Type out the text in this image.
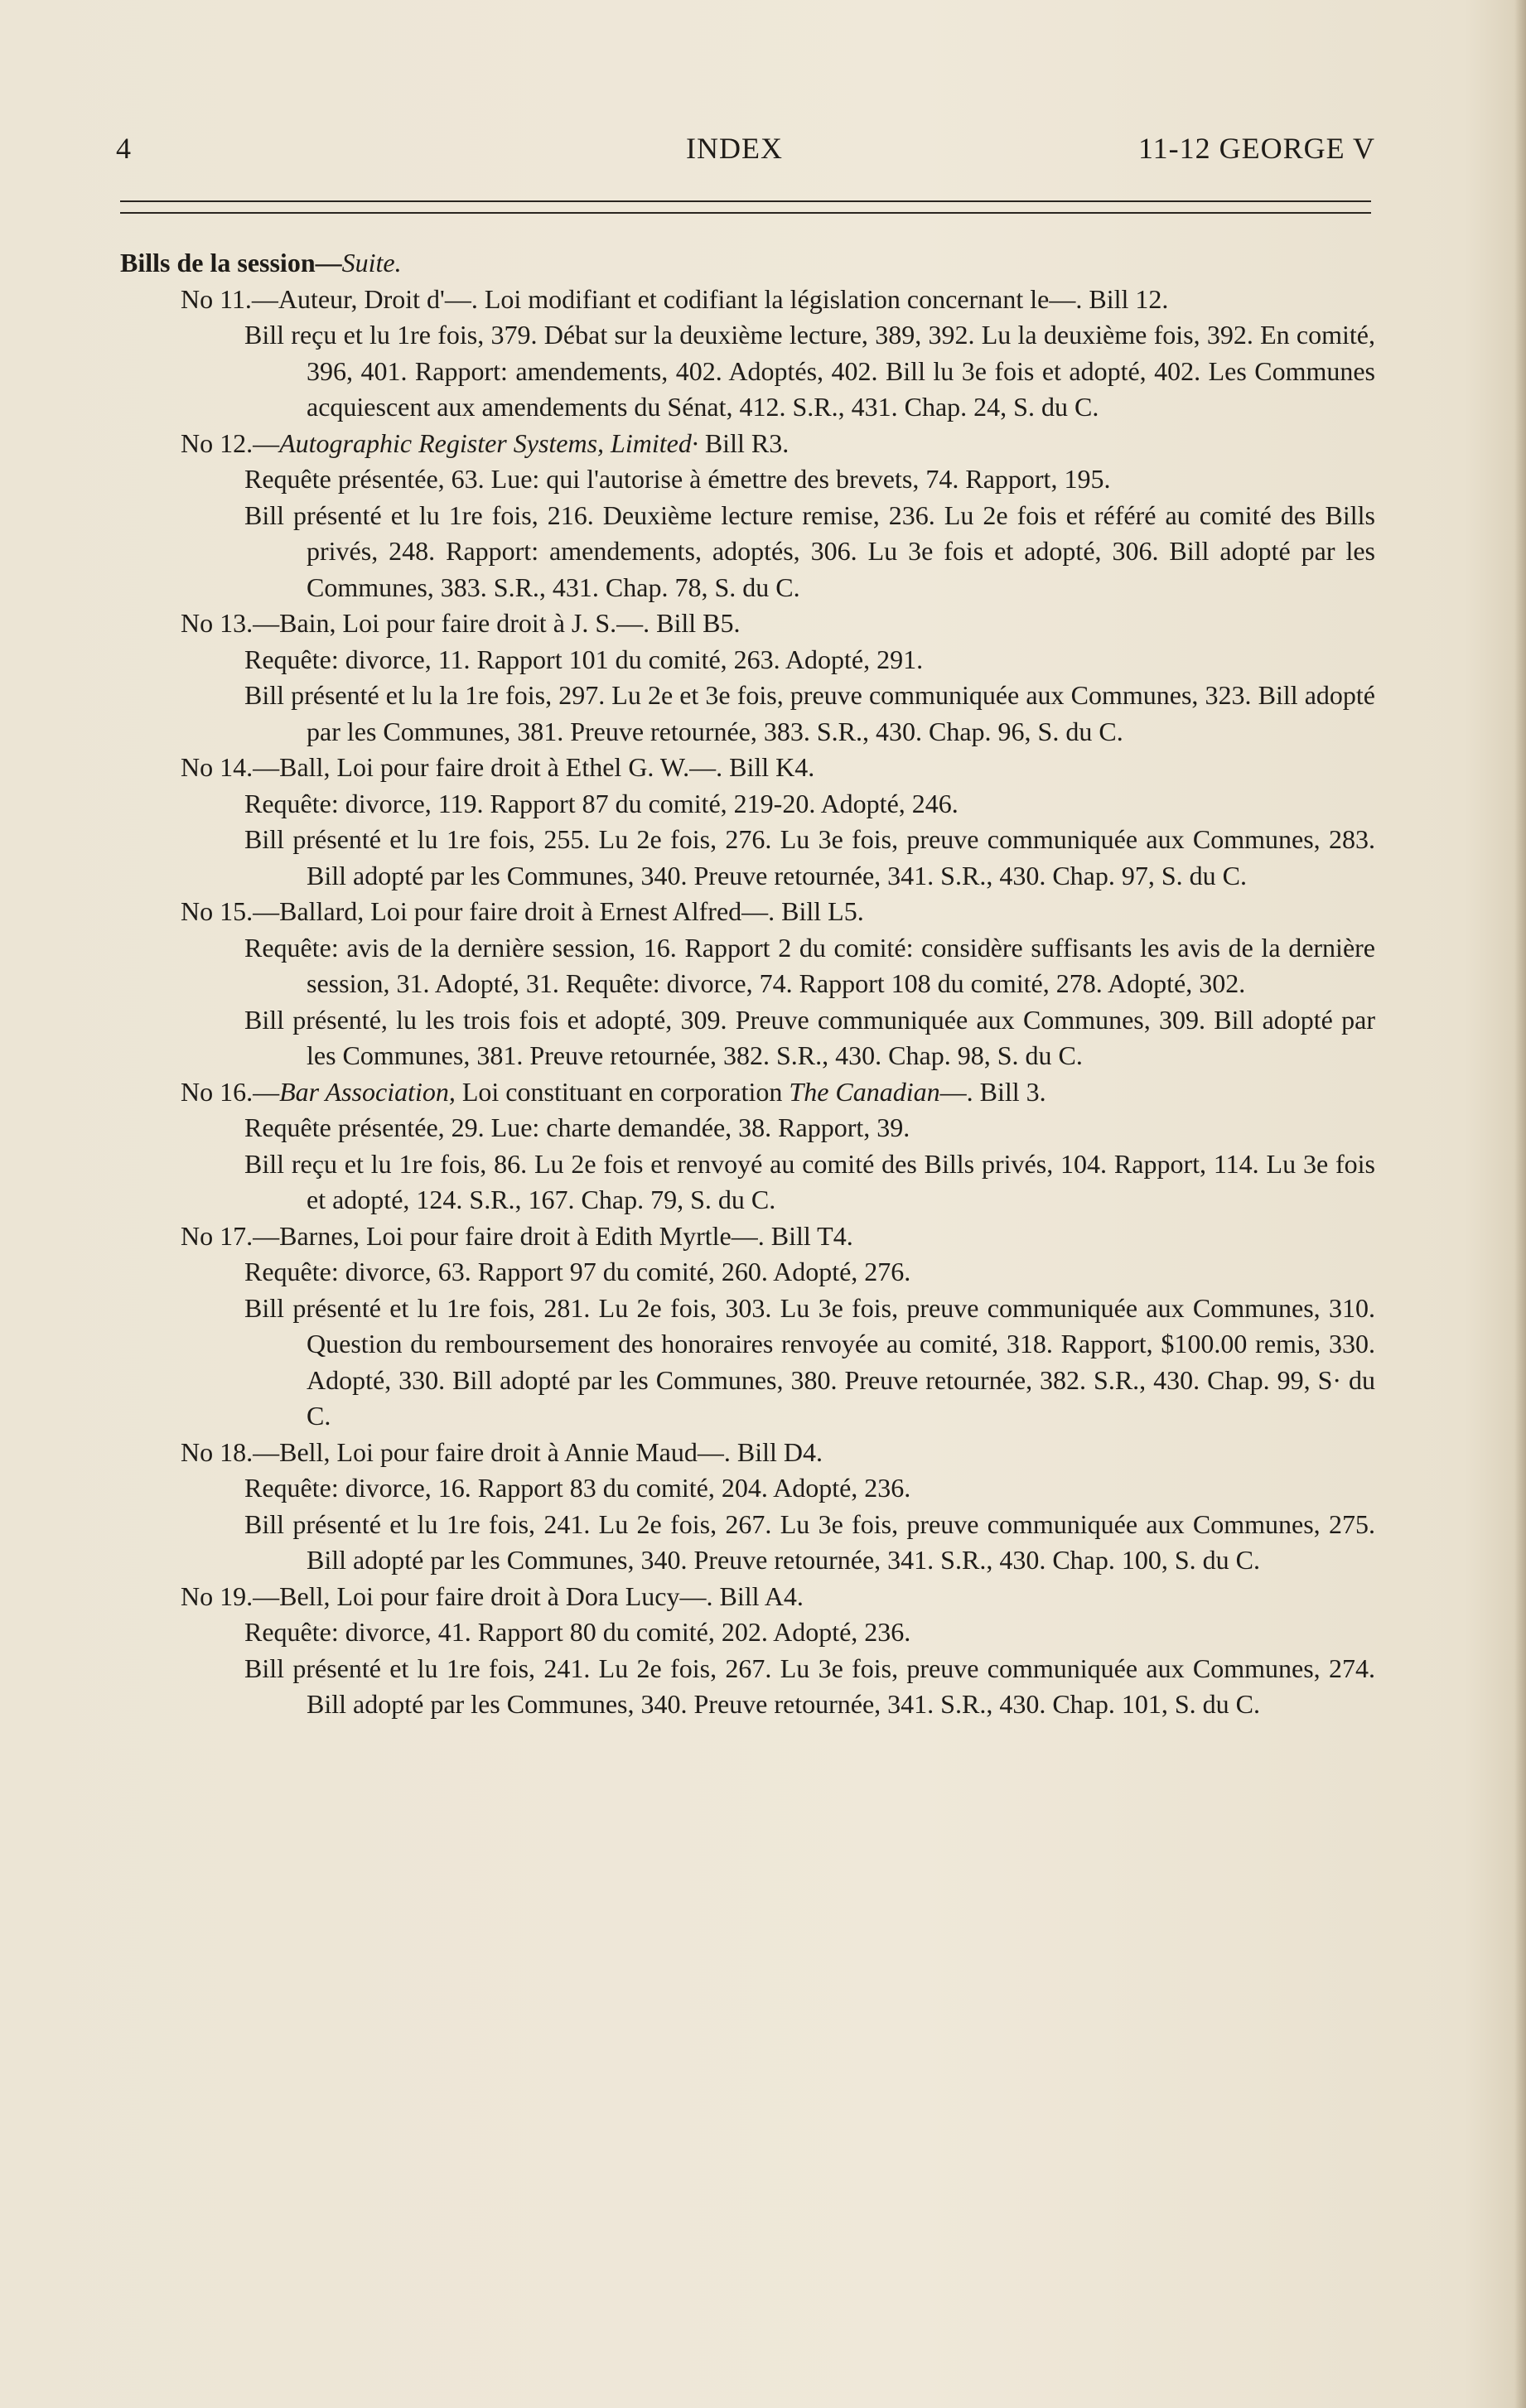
4	INDEX	11-12 GEORGE V

Bills de la session—Suite.

No 11.—Auteur, Droit d'—. Loi modifiant et codifiant la législation concernant le—. Bill 12.

Bill reçu et lu 1re fois, 379. Débat sur la deuxième lecture, 389, 392. Lu la deuxième fois, 392. En comité, 396, 401. Rapport: amendements, 402. Adoptés, 402. Bill lu 3e fois et adopté, 402. Les Communes acquiescent aux amendements du Sénat, 412. S.R., 431. Chap. 24, S. du C.

No 12.—Autographic Register Systems, Limited· Bill R3.

Requête présentée, 63. Lue: qui l'autorise à émettre des brevets, 74. Rapport, 195.

Bill présenté et lu 1re fois, 216. Deuxième lecture remise, 236. Lu 2e fois et référé au comité des Bills privés, 248. Rapport: amendements, adoptés, 306. Lu 3e fois et adopté, 306. Bill adopté par les Communes, 383. S.R., 431. Chap. 78, S. du C.

No 13.—Bain, Loi pour faire droit à J. S.—. Bill B5.

Requête: divorce, 11. Rapport 101 du comité, 263. Adopté, 291.

Bill présenté et lu la 1re fois, 297. Lu 2e et 3e fois, preuve communiquée aux Communes, 323. Bill adopté par les Communes, 381. Preuve retournée, 383. S.R., 430. Chap. 96, S. du C.

No 14.—Ball, Loi pour faire droit à Ethel G. W.—. Bill K4.

Requête: divorce, 119. Rapport 87 du comité, 219-20. Adopté, 246.

Bill présenté et lu 1re fois, 255. Lu 2e fois, 276. Lu 3e fois, preuve communiquée aux Communes, 283. Bill adopté par les Communes, 340. Preuve retournée, 341. S.R., 430. Chap. 97, S. du C.

No 15.—Ballard, Loi pour faire droit à Ernest Alfred—. Bill L5.

Requête: avis de la dernière session, 16. Rapport 2 du comité: considère suffisants les avis de la dernière session, 31. Adopté, 31. Requête: divorce, 74. Rapport 108 du comité, 278. Adopté, 302.

Bill présenté, lu les trois fois et adopté, 309. Preuve communiquée aux Communes, 309. Bill adopté par les Communes, 381. Preuve retournée, 382. S.R., 430. Chap. 98, S. du C.

No 16.—Bar Association, Loi constituant en corporation The Canadian—. Bill 3.

Requête présentée, 29. Lue: charte demandée, 38. Rapport, 39.

Bill reçu et lu 1re fois, 86. Lu 2e fois et renvoyé au comité des Bills privés, 104. Rapport, 114. Lu 3e fois et adopté, 124. S.R., 167. Chap. 79, S. du C.

No 17.—Barnes, Loi pour faire droit à Edith Myrtle—. Bill T4.

Requête: divorce, 63. Rapport 97 du comité, 260. Adopté, 276.

Bill présenté et lu 1re fois, 281. Lu 2e fois, 303. Lu 3e fois, preuve communiquée aux Communes, 310. Question du remboursement des honoraires renvoyée au comité, 318. Rapport, $100.00 remis, 330. Adopté, 330. Bill adopté par les Communes, 380. Preuve retournée, 382. S.R., 430. Chap. 99, S· du C.

No 18.—Bell, Loi pour faire droit à Annie Maud—. Bill D4.

Requête: divorce, 16. Rapport 83 du comité, 204. Adopté, 236.

Bill présenté et lu 1re fois, 241. Lu 2e fois, 267. Lu 3e fois, preuve communiquée aux Communes, 275. Bill adopté par les Communes, 340. Preuve retournée, 341. S.R., 430. Chap. 100, S. du C.

No 19.—Bell, Loi pour faire droit à Dora Lucy—. Bill A4.

Requête: divorce, 41. Rapport 80 du comité, 202. Adopté, 236.

Bill présenté et lu 1re fois, 241. Lu 2e fois, 267. Lu 3e fois, preuve communiquée aux Communes, 274. Bill adopté par les Communes, 340. Preuve retournée, 341. S.R., 430. Chap. 101, S. du C.
